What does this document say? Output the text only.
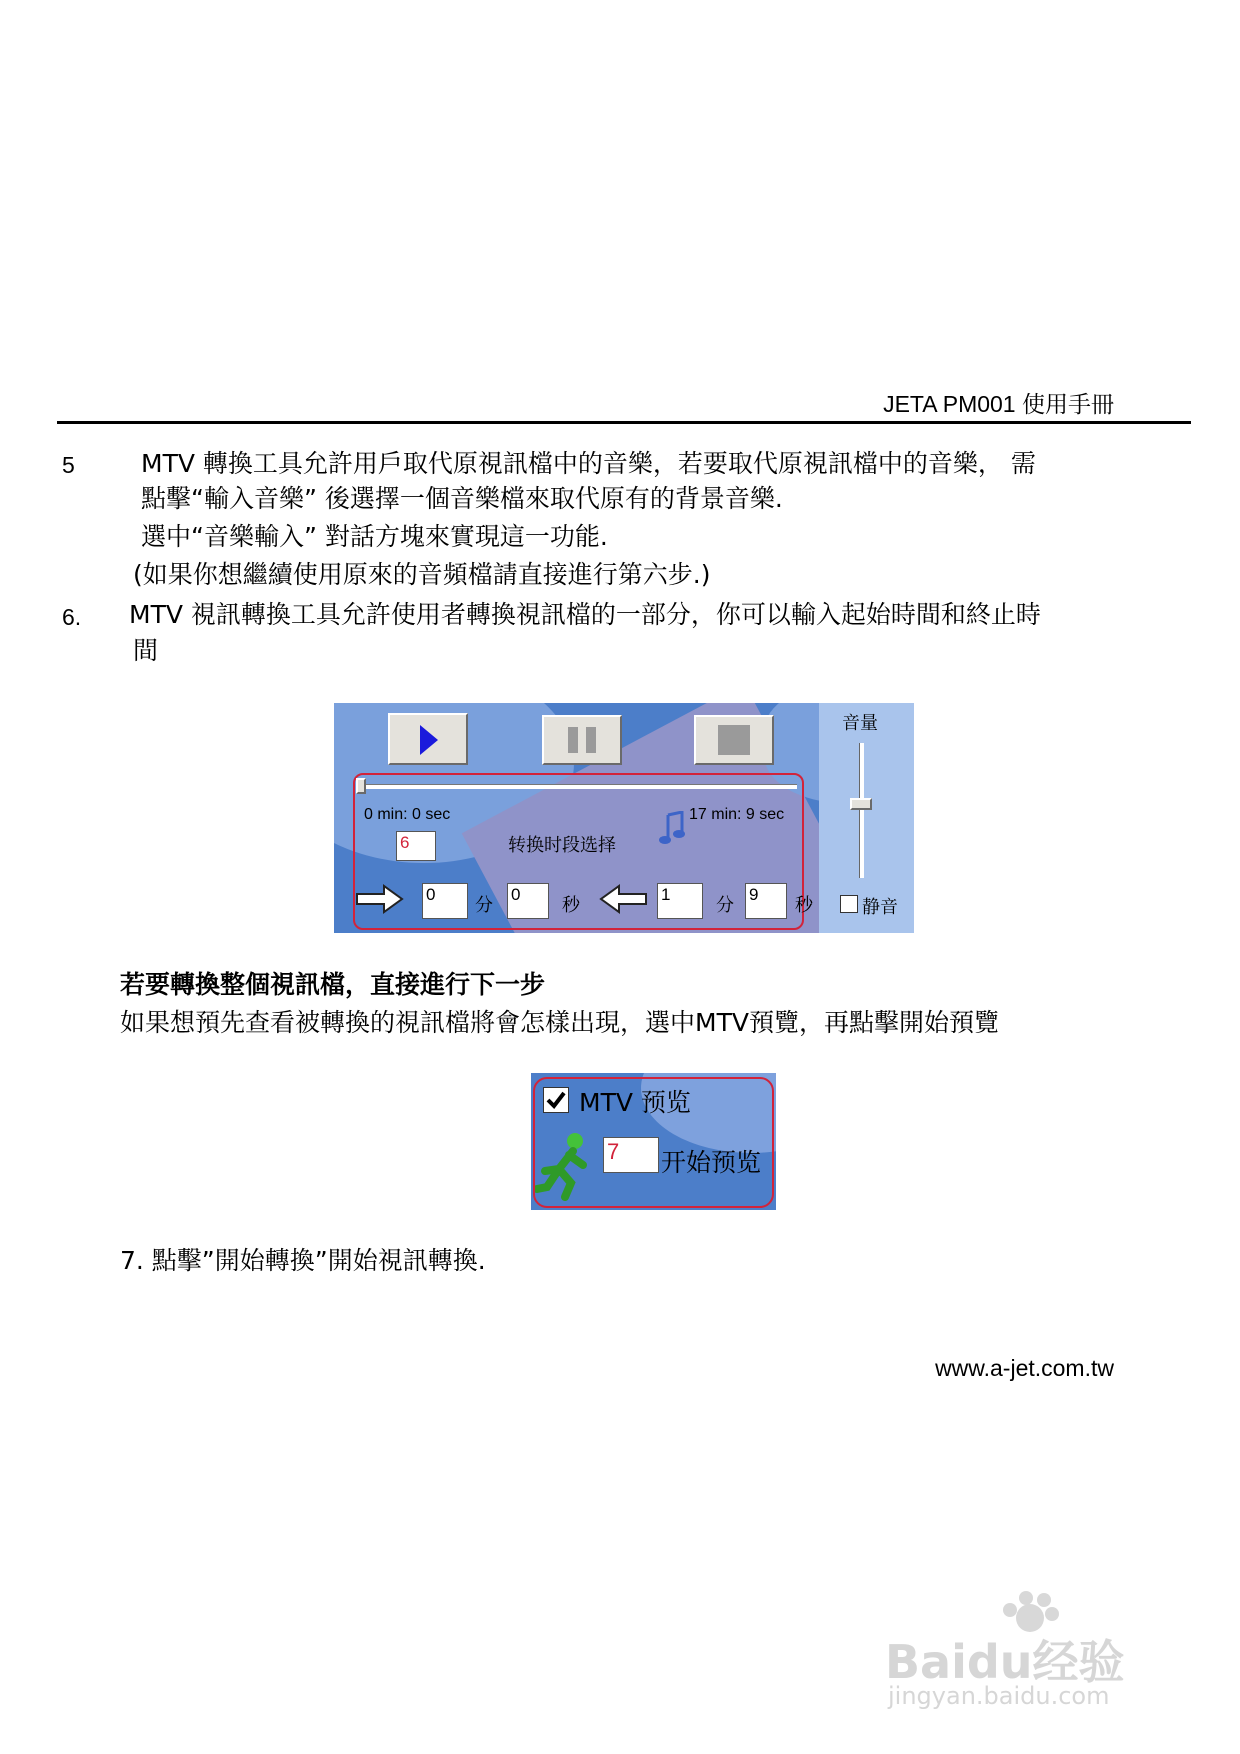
JETA PM001 使用手冊
5	MTV 轉換工具允許用戶取代原視訊檔中的音樂，若要取代原視訊檔中的音樂， 需
點擊“輸入音樂” 後選擇一個音樂檔來取代原有的背景音樂.
選中“音樂輸入” 對話方塊來實現這一功能.
(如果你想繼續使用原來的音頻檔請直接進行第六步.)
6. MTV 視訊轉換工具允許使用者轉換視訊檔的一部分，你可以輸入起始時間和終止時
間
音量
0 min: 0 sec	17 min: 9 sec
6	转换时段选择
0
分
0
秒
1
分
9
秒	静音
若要轉換整個視訊檔，直接進行下一步
如果想預先查看被轉換的視訊檔將會怎樣出現，選中MTV預覽，再點擊開始預覽
MTV 预览
7	开始预览
7. 點擊”開始轉換”開始視訊轉換.
www.a-jet.com.tw
Baidu经验
jingyan.baidu.com
